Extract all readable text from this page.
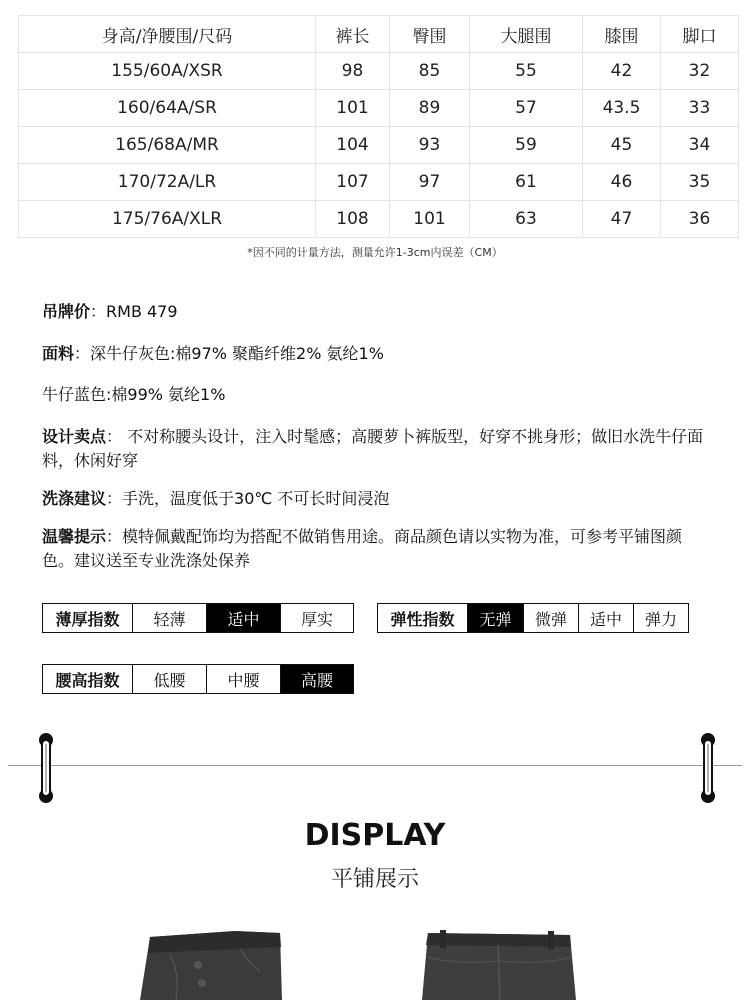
身高/净腰围/尺码	裤长	臀围	大腿围	膝围	脚口
155/60A/XSR	98	85	55	42	32
160/64A/SR	101	89	57	43.5	33
165/68A/MR	104	93	59	45	34
170/72A/LR	107	97	61	46	35
175/76A/XLR	108	101	63	47	36
*因不同的计量方法，测量允许1-3cm内误差（CM）
吊牌价：RMB 479
面料：深牛仔灰色:棉97% 聚酯纤维2% 氨纶1%
牛仔蓝色:棉99% 氨纶1%
设计卖点： 不对称腰头设计，注入时髦感；高腰萝卜裤版型，好穿不挑身形；做旧水洗牛仔面料，休闲好穿
洗涤建议：手洗，温度低于30℃ 不可长时间浸泡
温馨提示：模特佩戴配饰均为搭配不做销售用途。商品颜色请以实物为准，可参考平铺图颜色。建议送至专业洗涤处保养
薄厚指数	轻薄	适中	厚实	弹性指数	无弹	微弹	适中	弹力
腰高指数	低腰	中腰	高腰
DISPLAY
平铺展示
